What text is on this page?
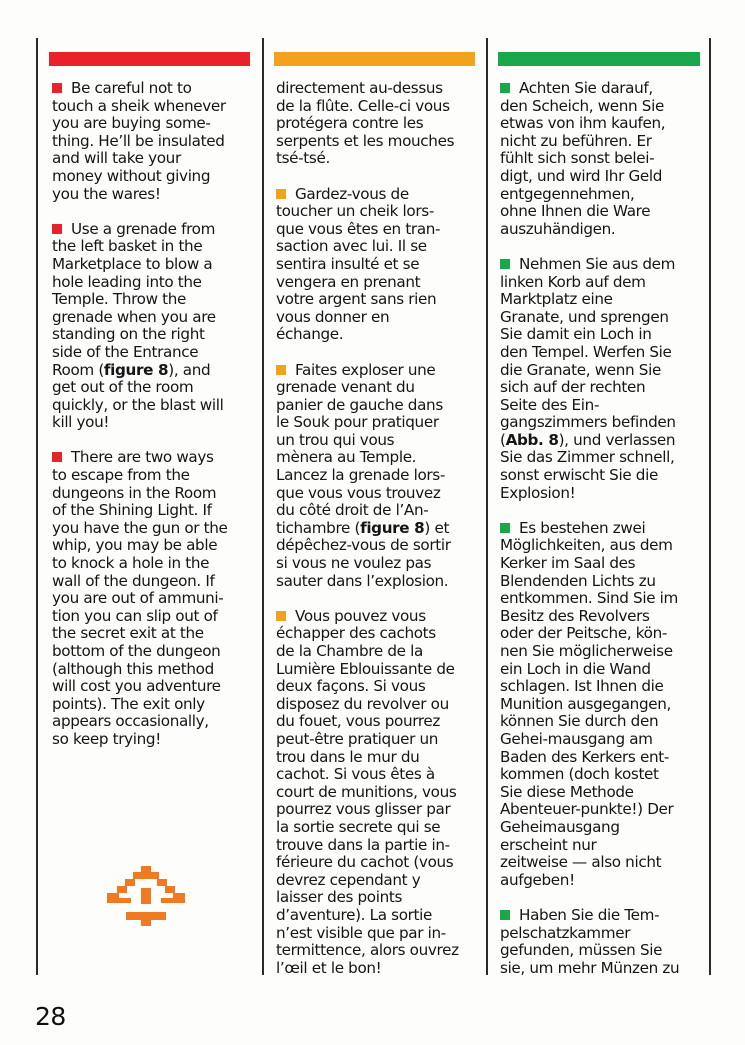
Be careful not to
touch a sheik whenever
you are buying some-
thing. He’ll be insulated
and will take your
money without giving
you the wares!
Use a grenade from
the left basket in the
Marketplace to blow a
hole leading into the
Temple. Throw the
grenade when you are
standing on the right
side of the Entrance
Room (figure 8), and
get out of the room
quickly, or the blast will
kill you!
There are two ways
to escape from the
dungeons in the Room
of the Shining Light. If
you have the gun or the
whip, you may be able
to knock a hole in the
wall of the dungeon. If
you are out of ammuni-
tion you can slip out of
the secret exit at the
bottom of the dungeon
(although this method
will cost you adventure
points). The exit only
appears occasionally,
so keep trying!
directement au-dessus
de la flûte. Celle-ci vous
protégera contre les
serpents et les mouches
tsé-tsé.
Gardez-vous de
toucher un cheik lors-
que vous êtes en tran-
saction avec lui. Il se
sentira insulté et se
vengera en prenant
votre argent sans rien
vous donner en
échange.
Faites exploser une
grenade venant du
panier de gauche dans
le Souk pour pratiquer
un trou qui vous
mènera au Temple.
Lancez la grenade lors-
que vous vous trouvez
du côté droit de l’An-
tichambre (figure 8) et
dépêchez-vous de sortir
si vous ne voulez pas
sauter dans l’explosion.
Vous pouvez vous
échapper des cachots
de la Chambre de la
Lumière Eblouissante de
deux façons. Si vous
disposez du revolver ou
du fouet, vous pourrez
peut-être pratiquer un
trou dans le mur du
cachot. Si vous êtes à
court de munitions, vous
pourrez vous glisser par
la sortie secrete qui se
trouve dans la partie in-
férieure du cachot (vous
devrez cependant y
laisser des points
d’aventure). La sortie
n’est visible que par in-
termittence, alors ouvrez
l’œil et le bon!
Achten Sie darauf,
den Scheich, wenn Sie
etwas von ihm kaufen,
nicht zu beführen. Er
fühlt sich sonst belei-
digt, und wird Ihr Geld
entgegennehmen,
ohne Ihnen die Ware
auszuhändigen.
Nehmen Sie aus dem
linken Korb auf dem
Marktplatz eine
Granate, und sprengen
Sie damit ein Loch in
den Tempel. Werfen Sie
die Granate, wenn Sie
sich auf der rechten
Seite des Ein-
gangszimmers befinden
(Abb. 8), und verlassen
Sie das Zimmer schnell,
sonst erwischt Sie die
Explosion!
Es bestehen zwei
Möglichkeiten, aus dem
Kerker im Saal des
Blendenden Lichts zu
entkommen. Sind Sie im
Besitz des Revolvers
oder der Peitsche, kön-
nen Sie möglicherweise
ein Loch in die Wand
schlagen. Ist Ihnen die
Munition ausgegangen,
können Sie durch den
Gehei-mausgang am
Baden des Kerkers ent-
kommen (doch kostet
Sie diese Methode
Abenteuer-punkte!) Der
Geheimausgang
erscheint nur
zeitweise — also nicht
aufgeben!
Haben Sie die Tem-
pelschatzkammer
gefunden, müssen Sie
sie, um mehr Münzen zu
28
